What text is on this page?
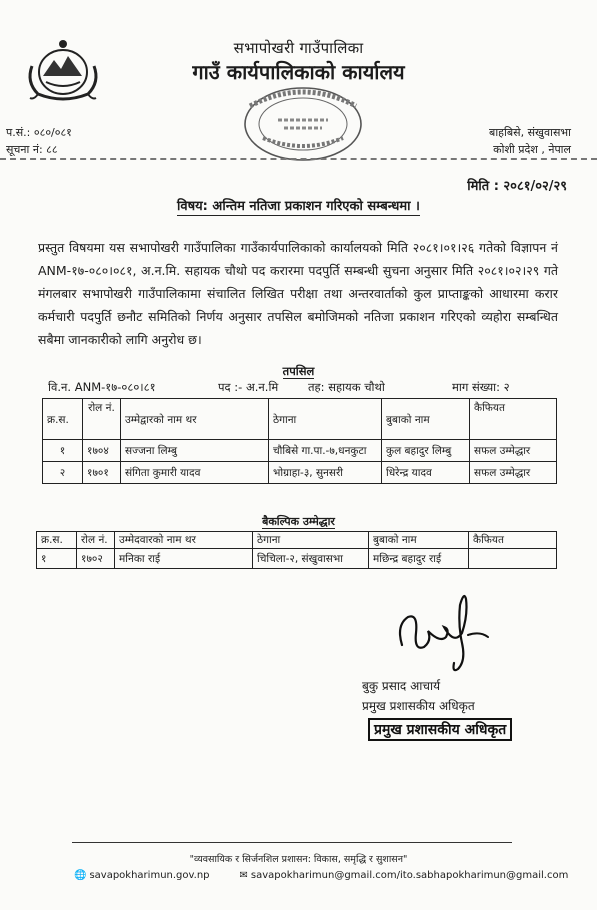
सभापोखरी गाउँपालिका
गाउँ कार्यपालिकाको कार्यालय
प.सं.: ०८०/०८१
सूचना नं: ८८
बाहबिसे, संखुवासभा
कोशी प्रदेश , नेपाल
मिति : २०८१/०२/२९
विषय: अन्तिम नतिजा प्रकाशन गरिएको सम्बन्धमा ।
प्रस्तुत विषयमा यस सभापोखरी गाउँपालिका गाउँकार्यपालिकाको कार्यालयको मिति २०८१।०१।२६ गतेको विज्ञापन नं ANM-१७-०८०।०८१, अ.न.मि. सहायक चौथो पद करारमा पदपुर्ति सम्बन्धी सुचना अनुसार मिति २०८१।०२।२९ गते मंगलबार सभापोखरी गाउँपालिकामा संचालित लिखित परीक्षा तथा अन्तरवार्ताको कुल प्राप्ताङ्कको आधारमा करार कर्मचारी पदपुर्ति छनौट समितिको निर्णय अनुसार तपसिल बमोजिमको नतिजा प्रकाशन गरिएको व्यहोरा सम्बन्धित सबैमा जानकारीको लागि अनुरोध छ।
तपसिल
वि.न. ANM-१७-०८०।८१	पद :- अ.न.मि	तह: सहायक चौथो	माग संख्या: २
क्र.स.	रोल नं.	उम्मेद्वारको नाम थर	ठेगाना	बुबाको नाम	कैफियत
१	१७०४	सज्जना लिम्बु	चौबिसे गा.पा.-७,धनकुटा	कुल बहादुर लिम्बु	सफल उम्मेद्धार
२	१७०१	संगिता कुमारी यादव	भोग्राहा-३, सुनसरी	धिरेन्द्र यादव	सफल उम्मेद्धार
बैकल्पिक उम्मेद्धार
क्र.स.	रोल नं.	उम्मेदवारको नाम थर	ठेगाना	बुबाको नाम	कैफियत
१	१७०२	मनिका राई	चिचिला-२, संखुवासभा	मछिन्द्र बहादुर राई	
बुकु प्रसाद आचार्य
प्रमुख प्रशासकीय अधिकृत
प्रमुख प्रशासकीय अधिकृत
"व्यवसायिक र सिर्जनशिल प्रशासन: विकास, समृद्धि र सुशासन"
🌐 savapokharimun.gov.np	✉ savapokharimun@gmail.com/ito.sabhapokharimun@gmail.com
